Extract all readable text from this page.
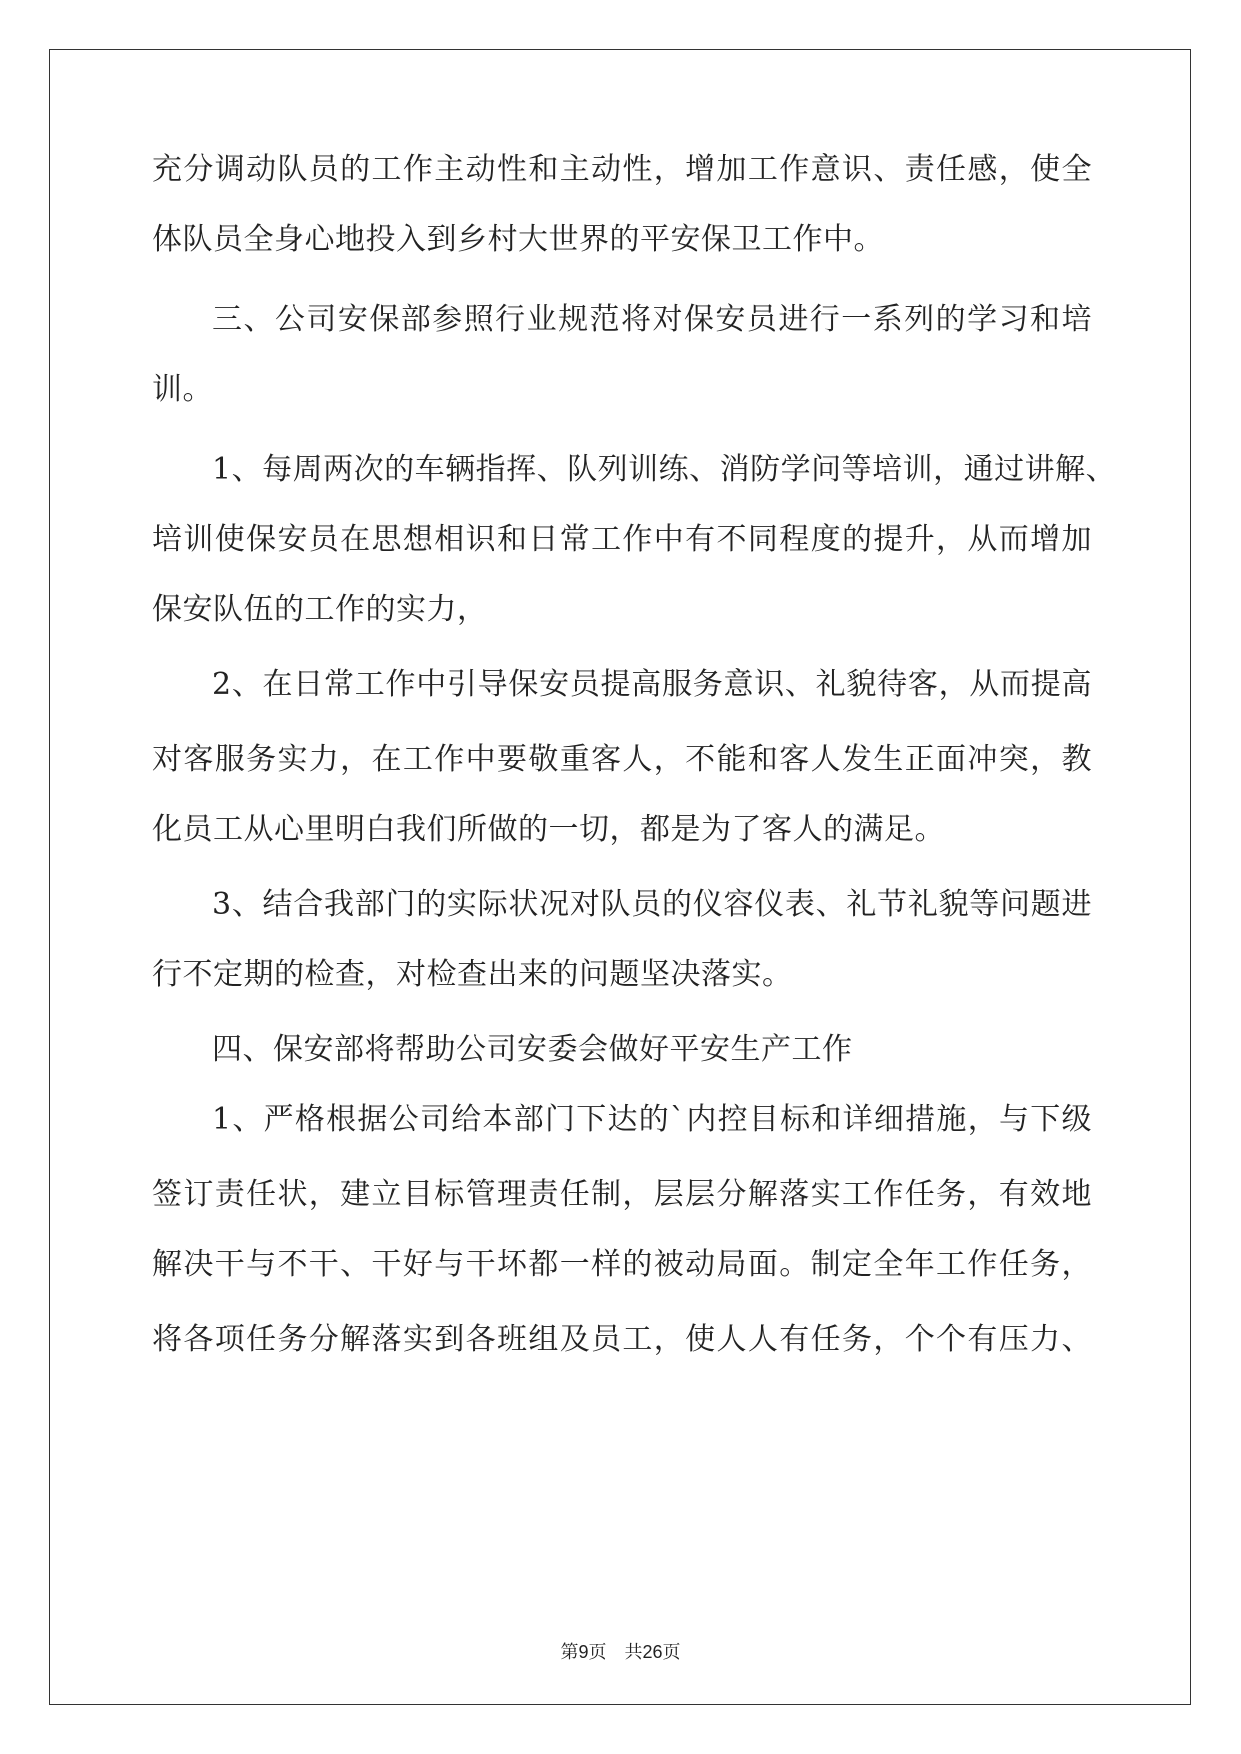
充分调动队员的工作主动性和主动性，增加工作意识、责任感，使全
体队员全身心地投入到乡村大世界的平安保卫工作中。
三、公司安保部参照行业规范将对保安员进行一系列的学习和培
训。
1、每周两次的车辆指挥、队列训练、消防学问等培训，通过讲解、
培训使保安员在思想相识和日常工作中有不同程度的提升，从而增加
保安队伍的工作的实力，
2、在日常工作中引导保安员提高服务意识、礼貌待客，从而提高
对客服务实力，在工作中要敬重客人，不能和客人发生正面冲突，教
化员工从心里明白我们所做的一切，都是为了客人的满足。
3、结合我部门的实际状况对队员的仪容仪表、礼节礼貌等问题进
行不定期的检查，对检查出来的问题坚决落实。
四、保安部将帮助公司安委会做好平安生产工作
1、严格根据公司给本部门下达的`内控目标和详细措施，与下级
签订责任状，建立目标管理责任制，层层分解落实工作任务，有效地
解决干与不干、干好与干坏都一样的被动局面。制定全年工作任务，
将各项任务分解落实到各班组及员工，使人人有任务，个个有压力、
第9页 共26页
